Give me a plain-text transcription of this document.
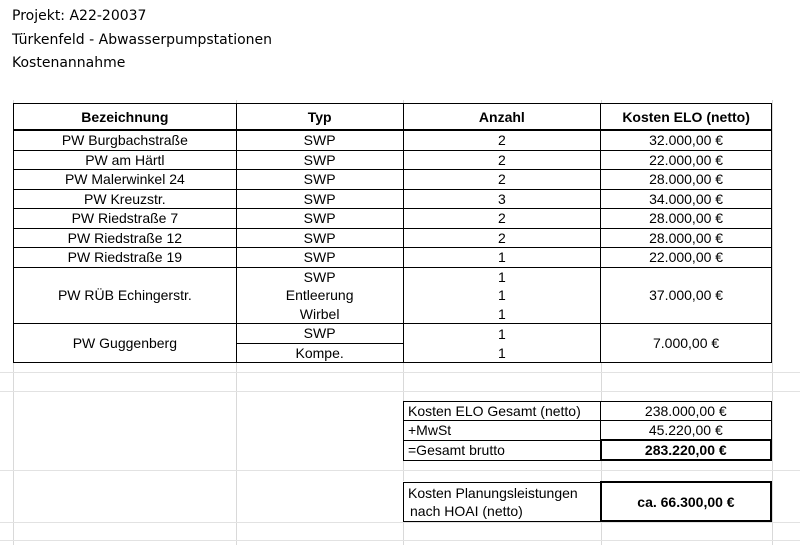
Projekt: A22-20037
Türkenfeld - Abwasserpumpstationen
Kostenannahme
Bezeichnung	Typ	Anzahl	Kosten ELO (netto)
PW Burgbachstraße	SWP	2	32.000,00 €
PW am Härtl	SWP	2	22.000,00 €
PW Malerwinkel 24	SWP	2	28.000,00 €
PW Kreuzstr.	SWP	3	34.000,00 €
PW Riedstraße 7	SWP	2	28.000,00 €
PW Riedstraße 12	SWP	2	28.000,00 €
PW Riedstraße 19	SWP	1	22.000,00 €
PW RÜB Echingerstr.	SWP	1	37.000,00 €
	Entleerung	1	
	Wirbel	1	
PW Guggenberg	SWP	1	7.000,00 €
	Kompe.	1	
Kosten ELO Gesamt (netto)	238.000,00 €
+MwSt	45.220,00 €
=Gesamt brutto	283.220,00 €
Kosten Planungsleistungen
nach HOAI (netto)
	ca. 66.300,00 €
